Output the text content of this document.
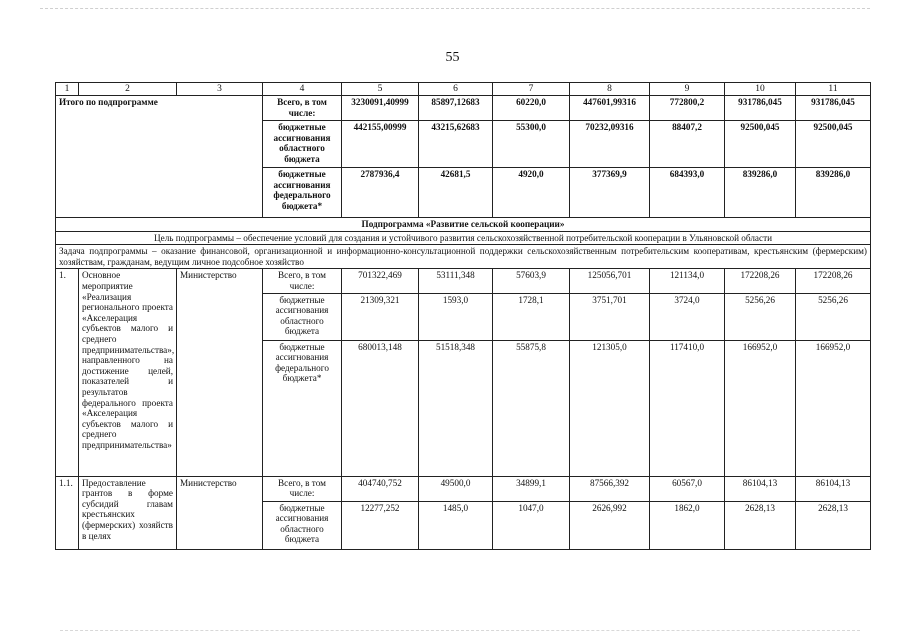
55
1	2	3	4	5	6	7	8	9	10	11
Итого по подпрограмме			Всего, в том числе:	3230091,40999	85897,12683	60220,0	447601,99316	772800,2	931786,045	931786,045
			бюджетные ассигнования областного бюджета	442155,00999	43215,62683	55300,0	70232,09316	88407,2	92500,045	92500,045
			бюджетные ассигнования федерального бюджета*	2787936,4	42681,5	4920,0	377369,9	684393,0	839286,0	839286,0
Подпрограмма «Развитие сельской кооперации»										
Цель подпрограммы – обеспечение условий для создания и устойчивого развития сельскохозяйственной потребительской кооперации в Ульяновской области										
Задача подпрограммы – оказание финансовой, организационной и информационно-консультационной поддержки сельскохозяйственным потребительским кооперативам, крестьянским (фермерским) хозяйствам, гражданам, ведущим личное подсобное хозяйство										
1.	Основное мероприятие «Реализация регионального проекта «Акселерация субъектов малого и среднего предпринимательства», направленного на достижение целей, показателей и результатов федерального проекта «Акселерация субъектов малого и среднего предпринимательства»	Министерство	Всего, в том числе:	701322,469	53111,348	57603,9	125056,701	121134,0	172208,26	172208,26
			бюджетные ассигнования областного бюджета	21309,321	1593,0	1728,1	3751,701	3724,0	5256,26	5256,26
			бюджетные ассигнования федерального бюджета*	680013,148	51518,348	55875,8	121305,0	117410,0	166952,0	166952,0
1.1.	Предоставление грантов в форме субсидий главам крестьянских (фермерских) хозяйств в целях	Министерство	Всего, в том числе:	404740,752	49500,0	34899,1	87566,392	60567,0	86104,13	86104,13
			бюджетные ассигнования областного бюджета	12277,252	1485,0	1047,0	2626,992	1862,0	2628,13	2628,13
